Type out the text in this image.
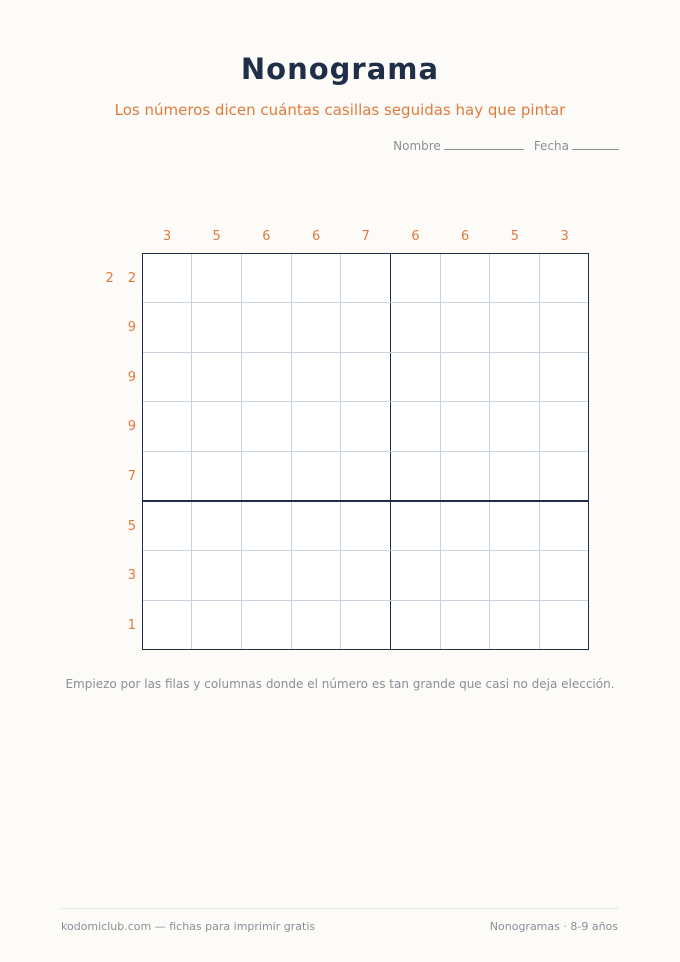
Nonograma
Los números dicen cuántas casillas seguidas hay que pintar
Nombre	Fecha
3	5	6	6	7	6	6	5	3
2 2
9
9
9
7
5
3
1
Empiezo por las filas y columnas donde el número es tan grande que casi no deja elección.
kodomiclub.com — fichas para imprimir gratis	Nonogramas · 8-9 años
